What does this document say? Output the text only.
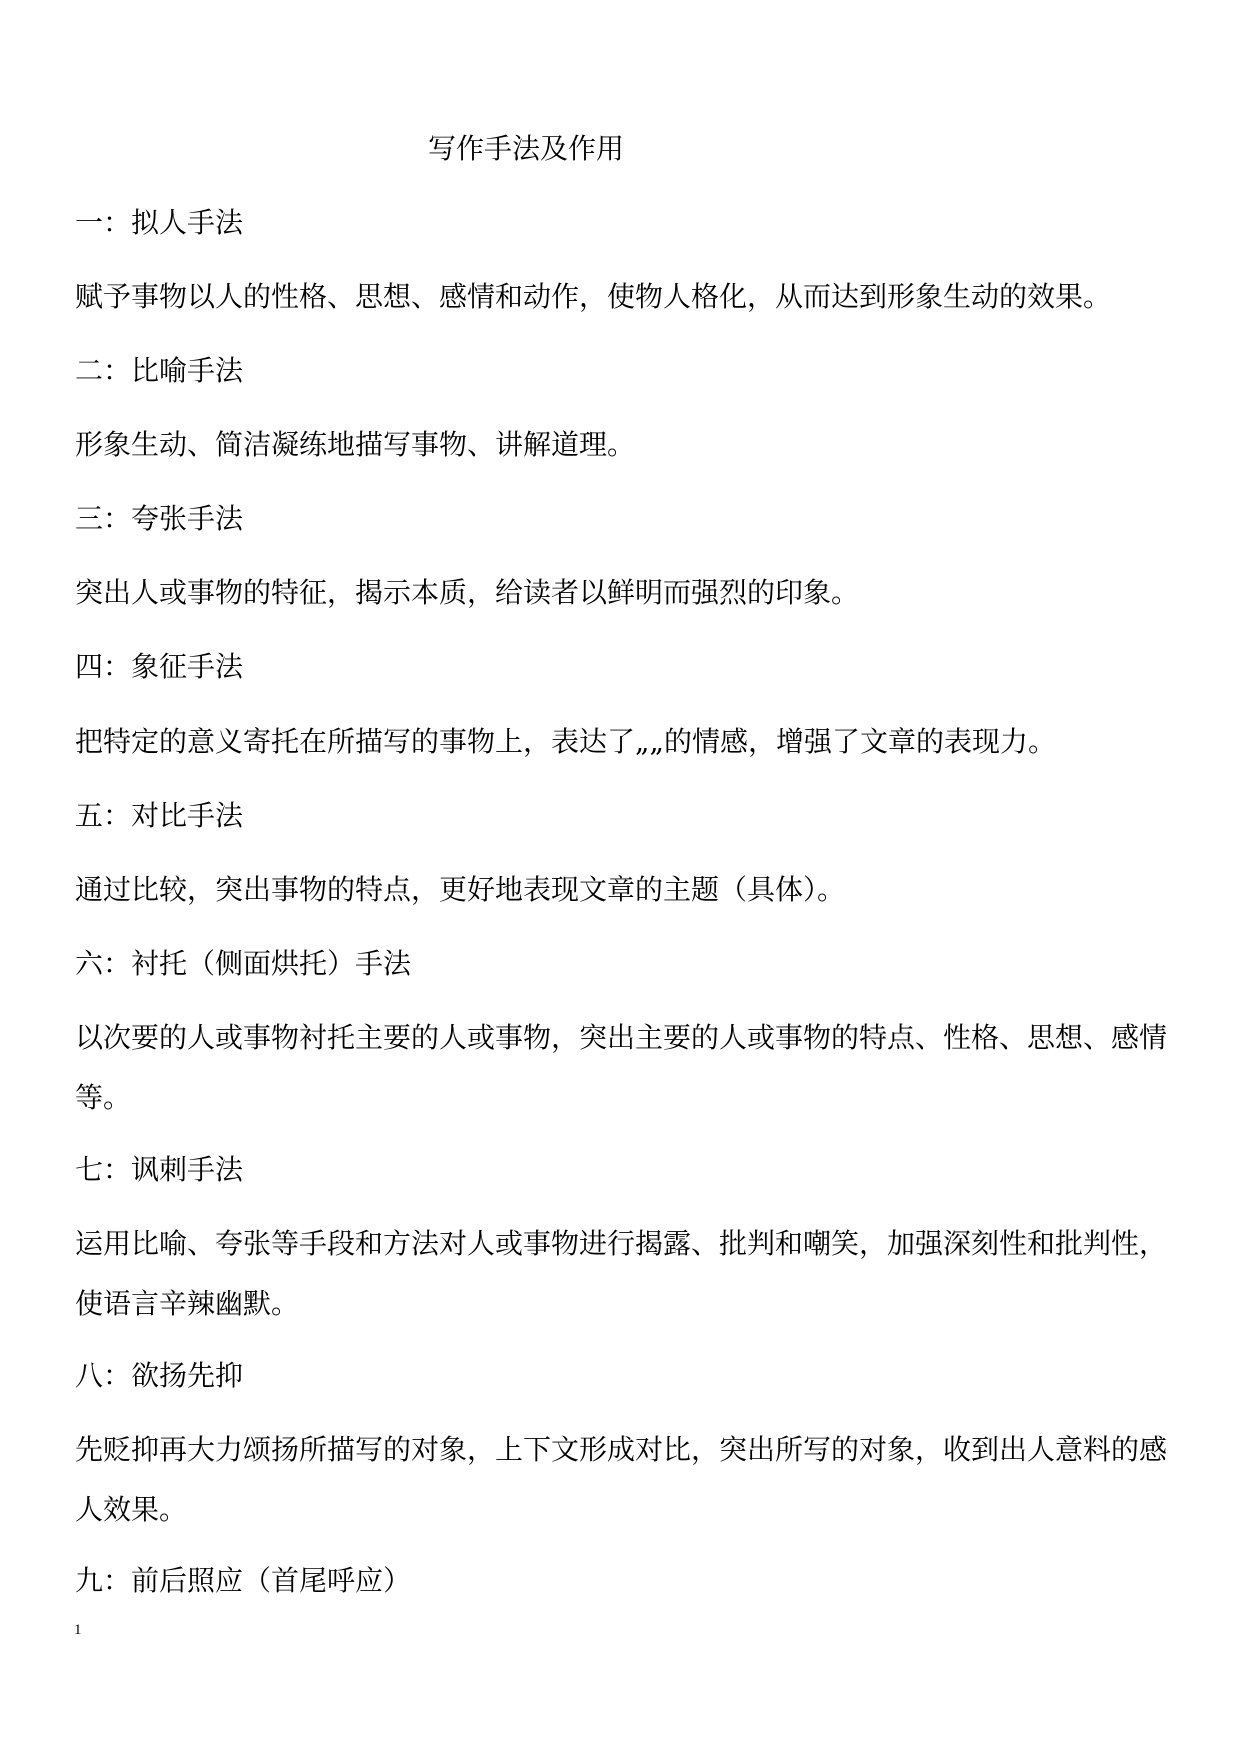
写作手法及作用
一：拟人手法
赋予事物以人的性格、思想、感情和动作，使物人格化，从而达到形象生动的效果。
二：比喻手法
形象生动、简洁凝练地描写事物、讲解道理。
三：夸张手法
突出人或事物的特征，揭示本质，给读者以鲜明而强烈的印象。
四：象征手法
把特定的意义寄托在所描写的事物上，表达了„„的情感，增强了文章的表现力。
五：对比手法
通过比较，突出事物的特点，更好地表现文章的主题（具体）。
六：衬托（侧面烘托）手法
以次要的人或事物衬托主要的人或事物，突出主要的人或事物的特点、性格、思想、感情等。
七：讽刺手法
运用比喻、夸张等手段和方法对人或事物进行揭露、批判和嘲笑，加强深刻性和批判性，使语言辛辣幽默。
八：欲扬先抑
先贬抑再大力颂扬所描写的对象，上下文形成对比，突出所写的对象，收到出人意料的感人效果。
九：前后照应（首尾呼应）
1
